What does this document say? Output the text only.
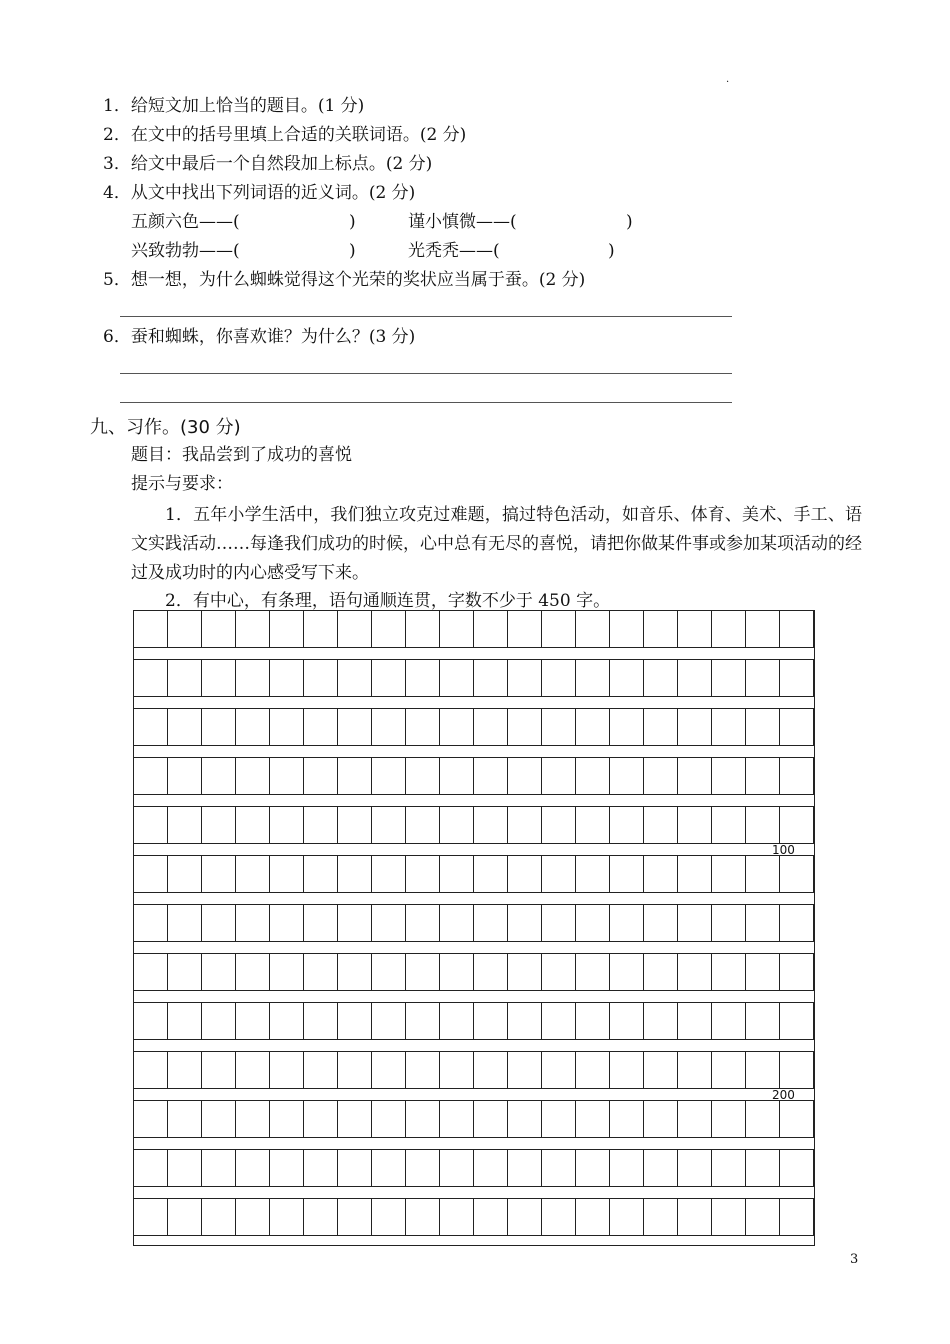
.
1．给短文加上恰当的题目。(1 分)
2．在文中的括号里填上合适的关联词语。(2 分)
3．给文中最后一个自然段加上标点。(2 分)
4．从文中找出下列词语的近义词。(2 分)
五颜六色——(	)	谨小慎微——(	)
兴致勃勃——(	)	光秃秃——(	)
5．想一想，为什么蜘蛛觉得这个光荣的奖状应当属于蚕。(2 分)
6．蚕和蜘蛛，你喜欢谁？为什么？(3 分)
九、习作。(30 分)
题目：我品尝到了成功的喜悦
提示与要求：
1．五年小学生活中，我们独立攻克过难题，搞过特色活动，如音乐、体育、美术、手工、语文实践活动……每逢我们成功的时候，心中总有无尽的喜悦，请把你做某件事或参加某项活动的经过及成功时的内心感受写下来。
2．有中心，有条理，语句通顺连贯，字数不少于 450 字。
100
200
3
